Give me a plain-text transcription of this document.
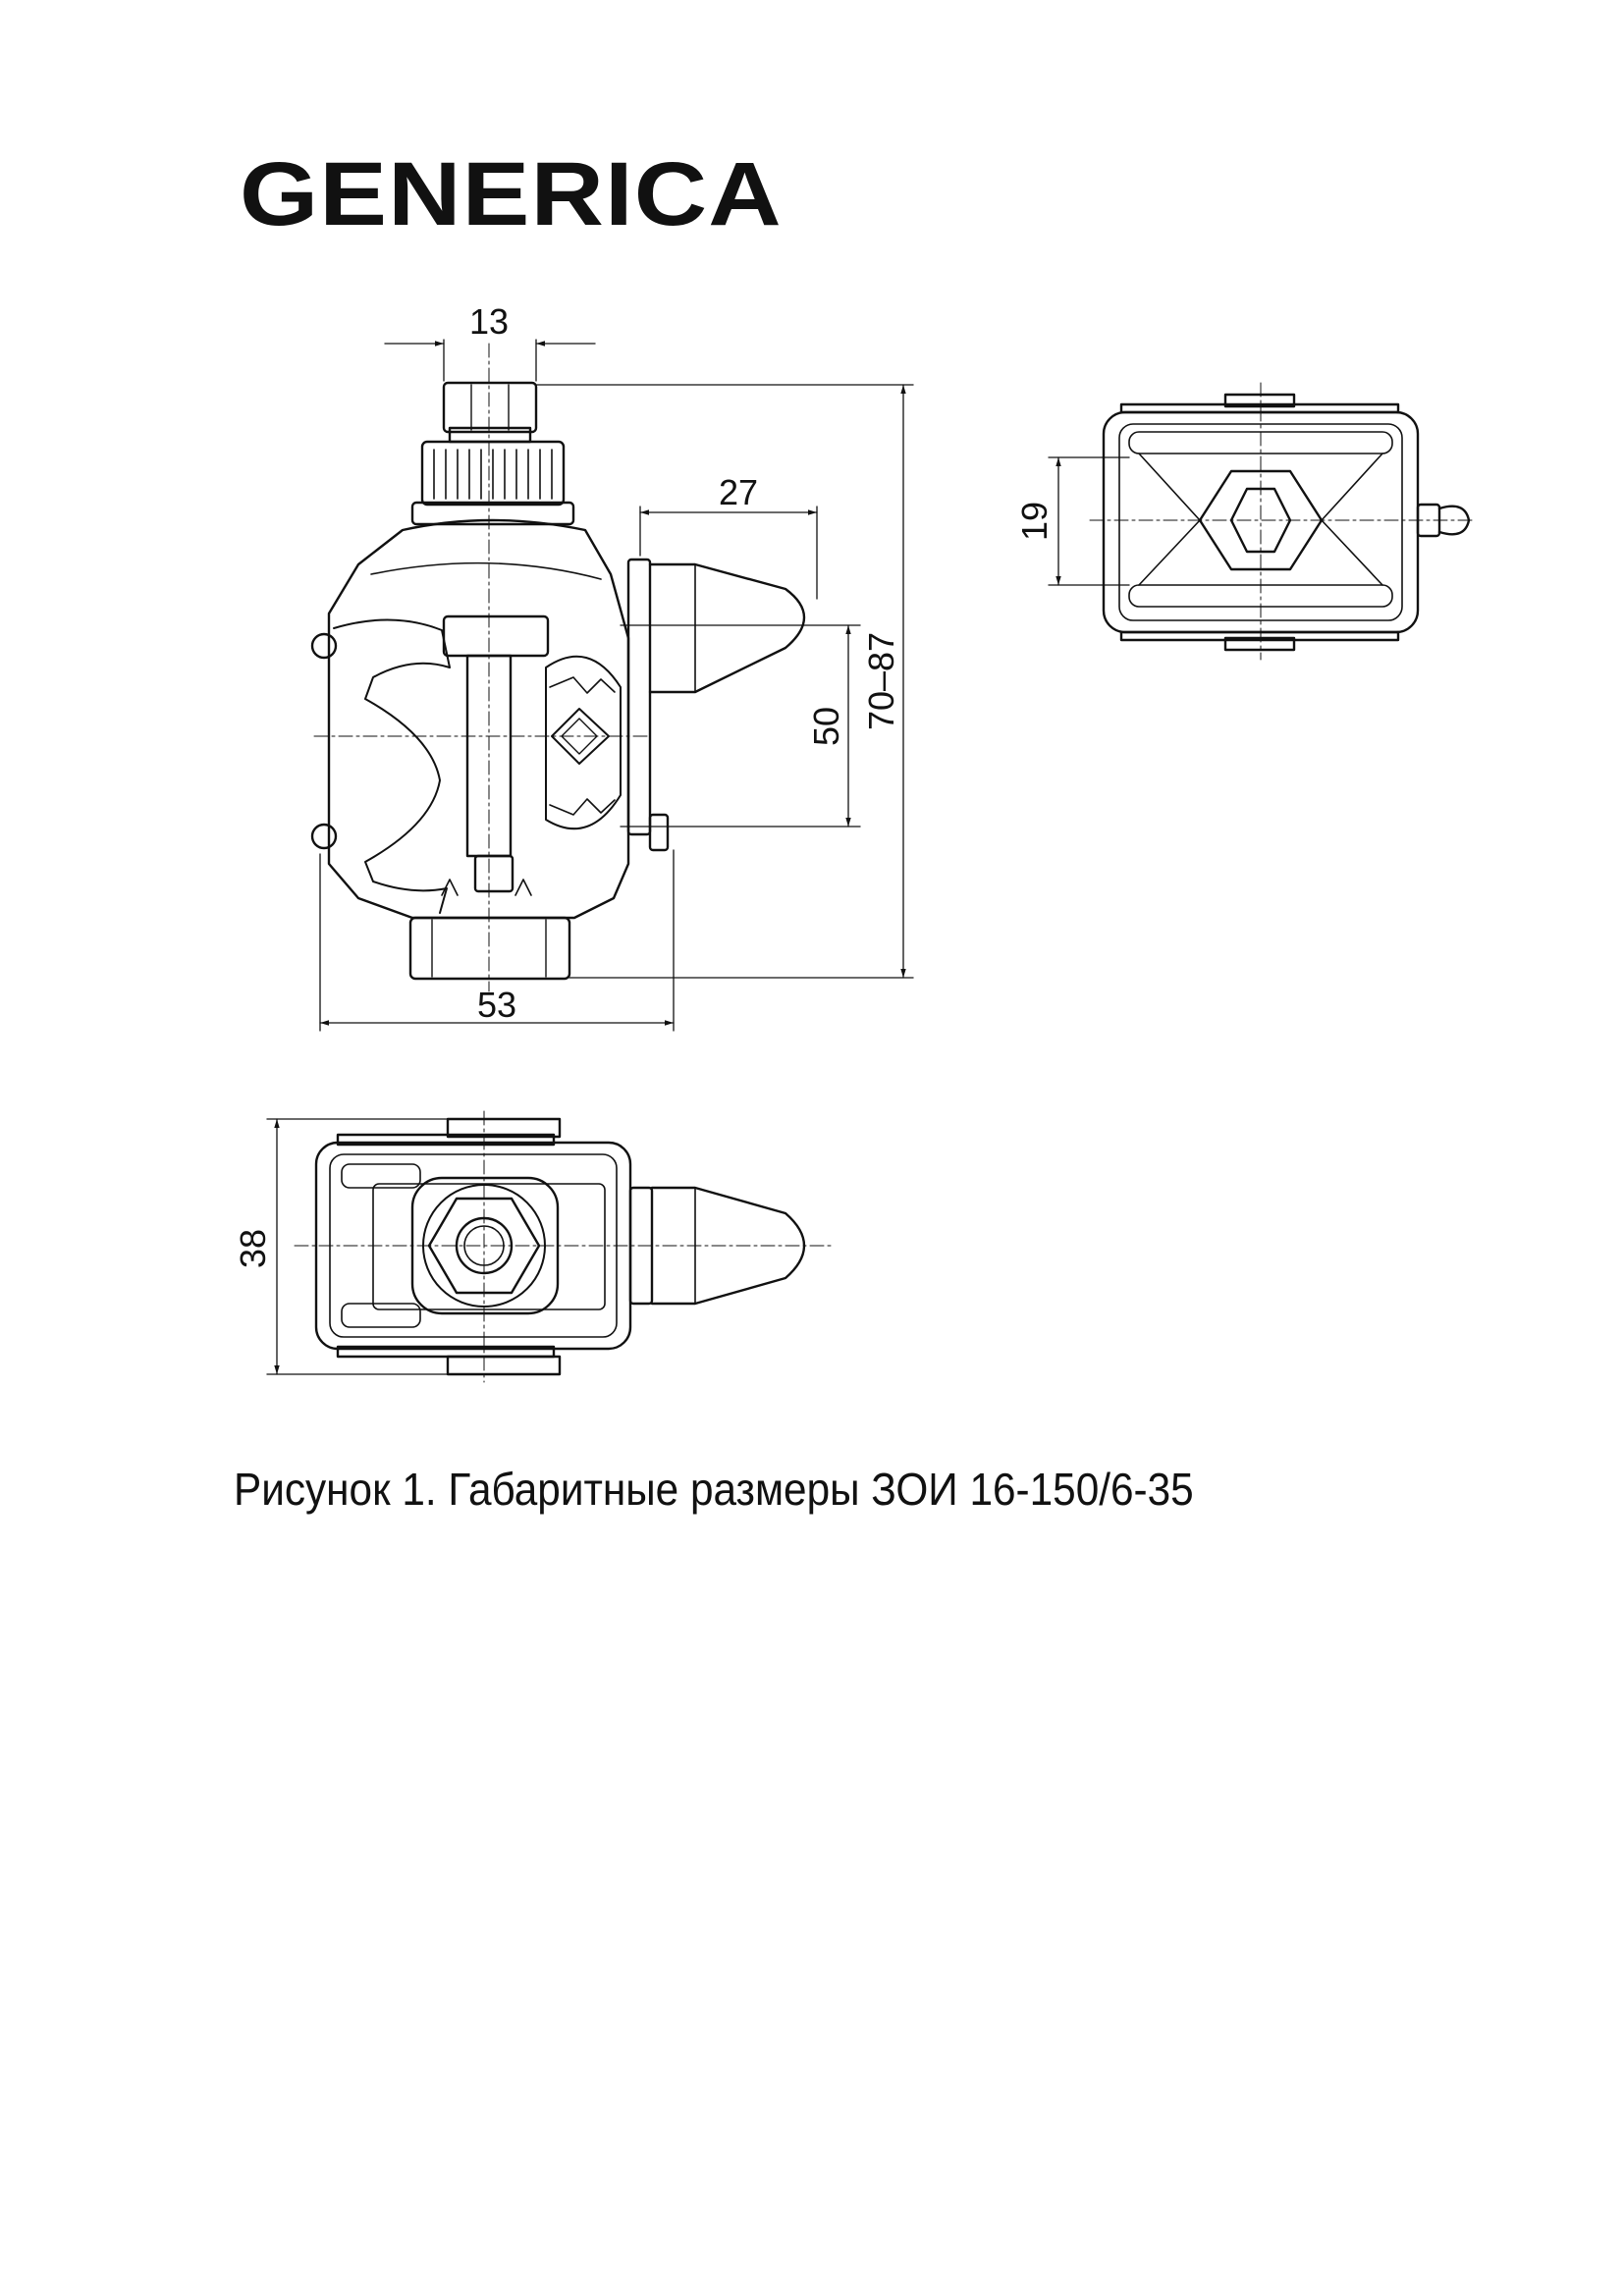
GENERICA
13
27
50 70–87
53
19
38
Рисунок 1. Габаритные размеры ЗОИ 16-150/6-35
